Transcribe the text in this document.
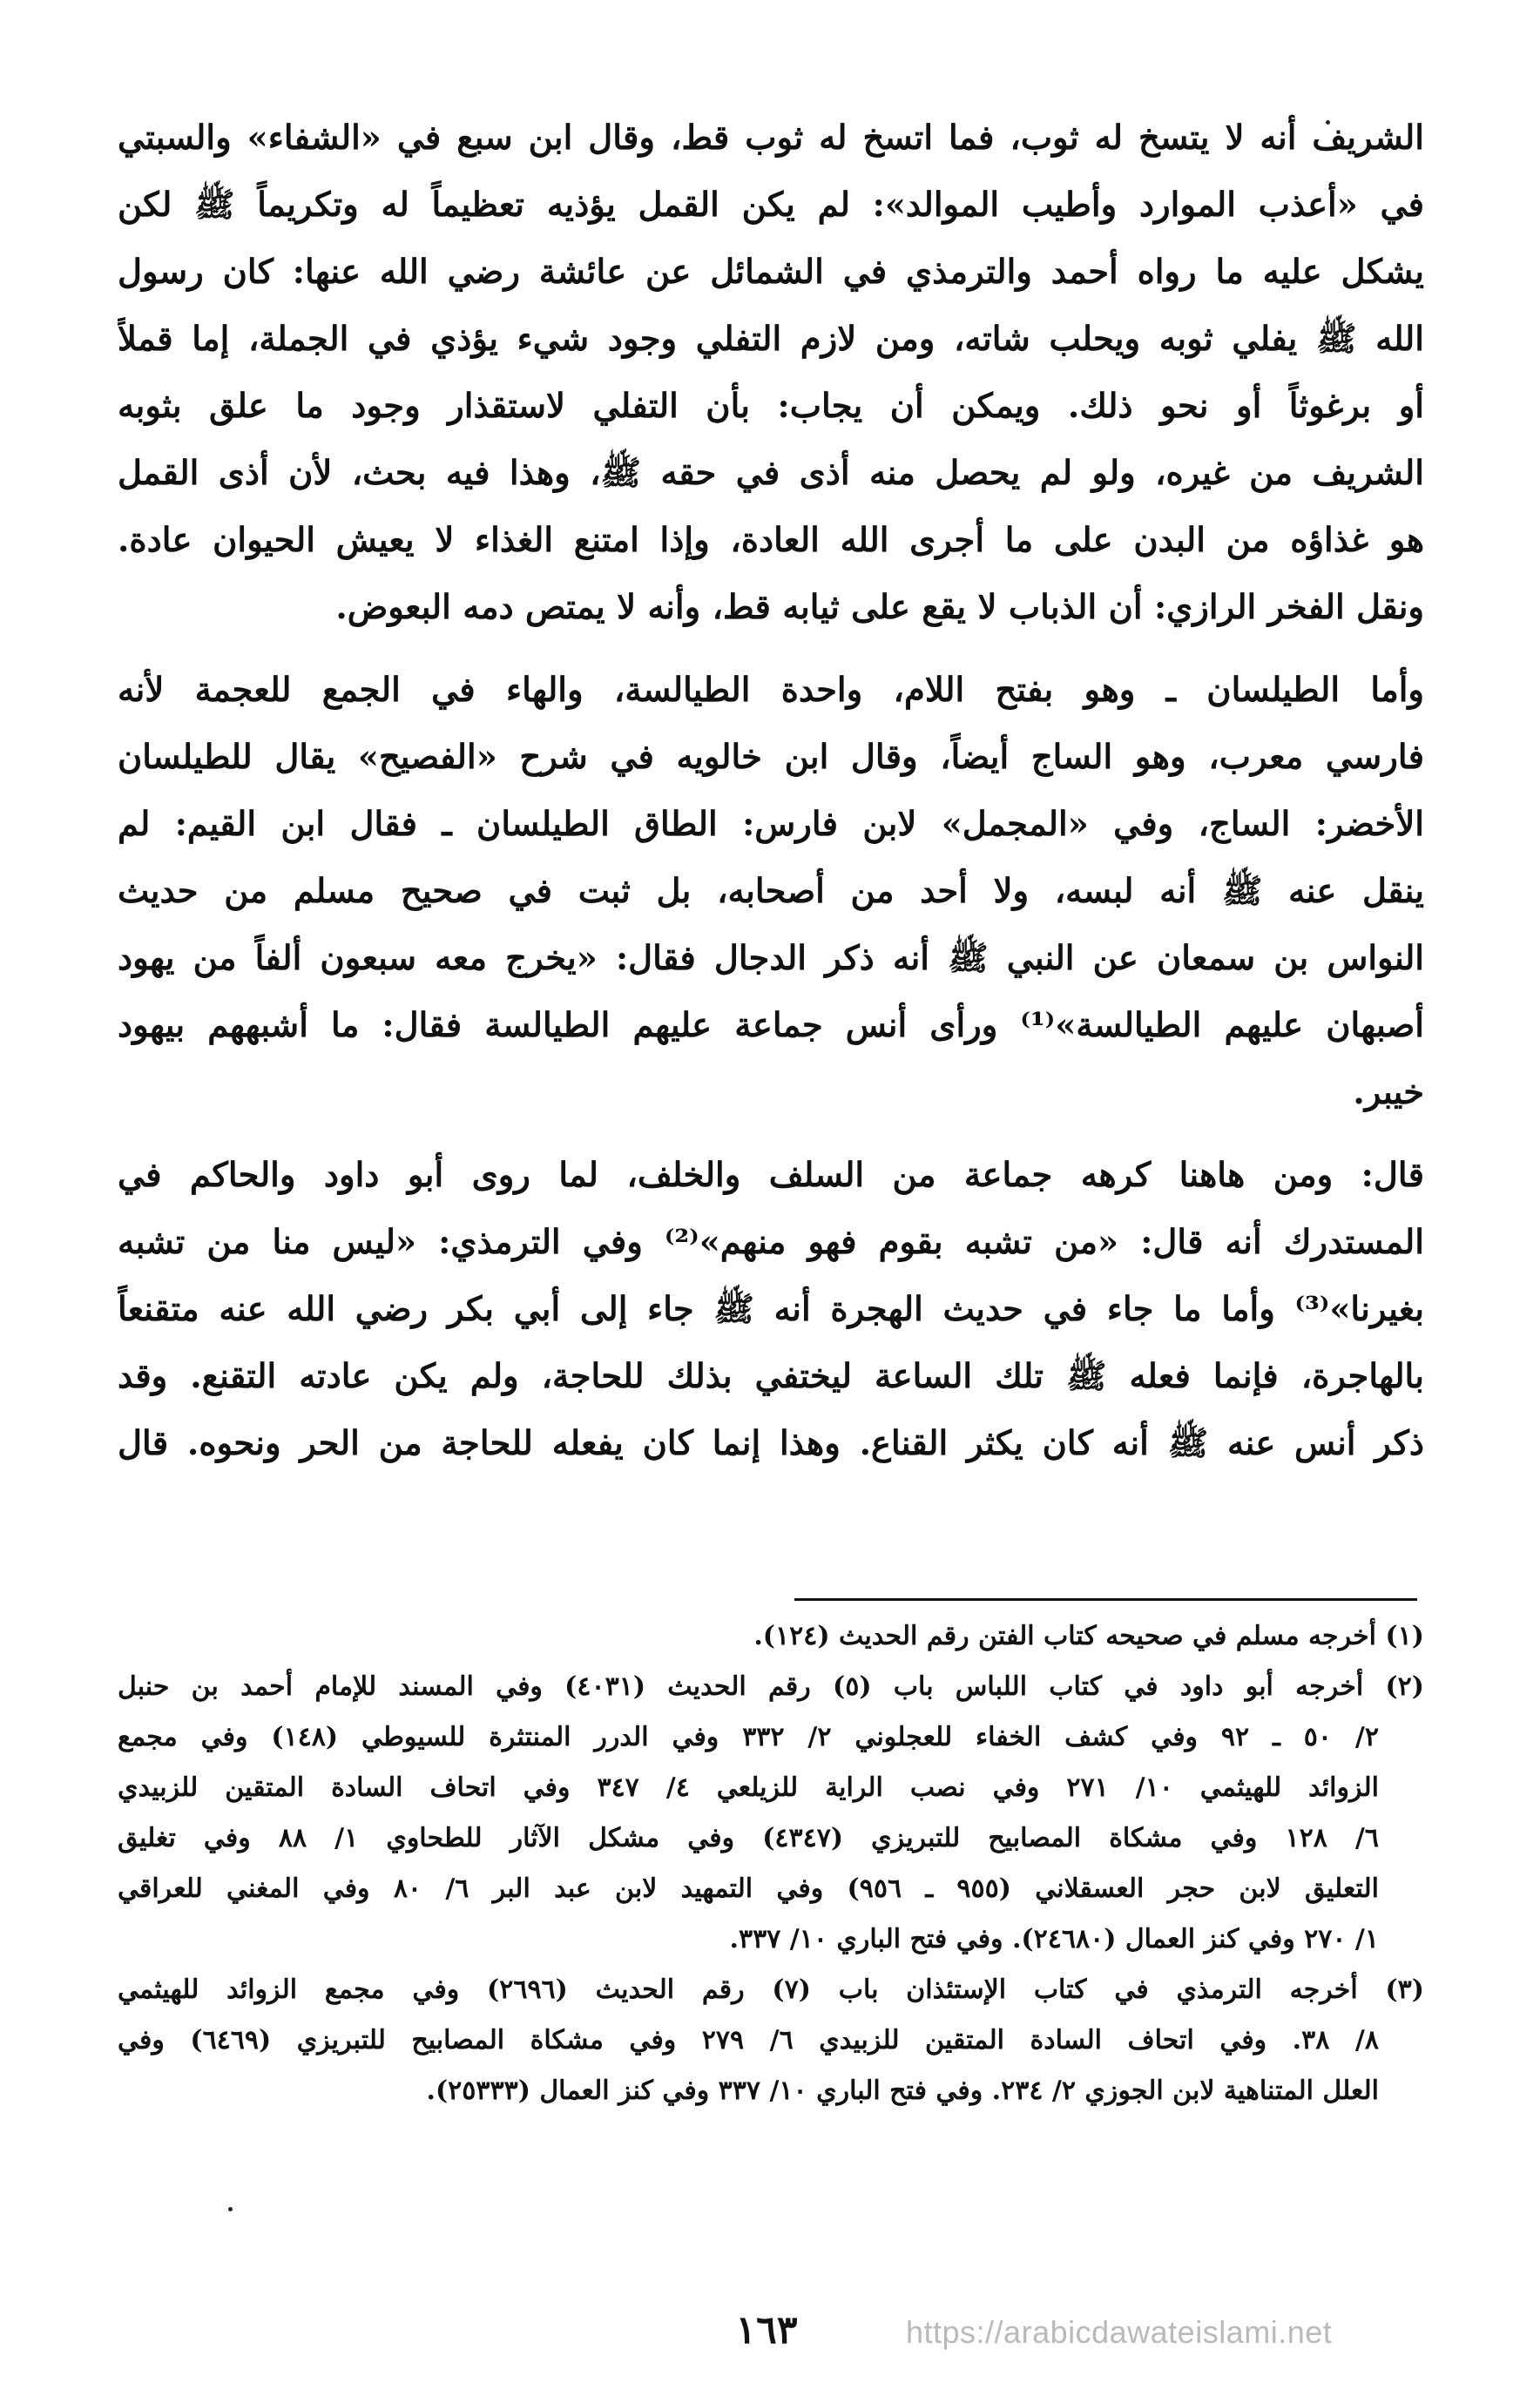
الشريف أنه لا يتسخ له ثوب، فما اتسخ له ثوب قط، وقال ابن سبع في «الشفاء» والسبتي
في «أعذب الموارد وأطيب الموالد»: لم يكن القمل يؤذيه تعظيماً له وتكريماً ﷺ لكن
يشكل عليه ما رواه أحمد والترمذي في الشمائل عن عائشة رضي الله عنها: كان رسول
الله ﷺ يفلي ثوبه ويحلب شاته، ومن لازم التفلي وجود شيء يؤذي في الجملة، إما قملاً
أو برغوثاً أو نحو ذلك. ويمكن أن يجاب: بأن التفلي لاستقذار وجود ما علق بثوبه
الشريف من غيره، ولو لم يحصل منه أذى في حقه ﷺ، وهذا فيه بحث، لأن أذى القمل
هو غذاؤه من البدن على ما أجرى الله العادة، وإذا امتنع الغذاء لا يعيش الحيوان عادة.
ونقل الفخر الرازي: أن الذباب لا يقع على ثيابه قط، وأنه لا يمتص دمه البعوض.
وأما الطيلسان ـ وهو بفتح اللام، واحدة الطيالسة، والهاء في الجمع للعجمة لأنه
فارسي معرب، وهو الساج أيضاً، وقال ابن خالويه في شرح «الفصيح» يقال للطيلسان
الأخضر: الساج، وفي «المجمل» لابن فارس: الطاق الطيلسان ـ فقال ابن القيم: لم
ينقل عنه ﷺ أنه لبسه، ولا أحد من أصحابه، بل ثبت في صحيح مسلم من حديث
النواس بن سمعان عن النبي ﷺ أنه ذكر الدجال فقال: «يخرج معه سبعون ألفاً من يهود
أصبهان عليهم الطيالسة»⁽¹⁾ ورأى أنس جماعة عليهم الطيالسة فقال: ما أشبههم بيهود
خيبر.
قال: ومن هاهنا كرهه جماعة من السلف والخلف، لما روى أبو داود والحاكم في
المستدرك أنه قال: «من تشبه بقوم فهو منهم»⁽²⁾ وفي الترمذي: «ليس منا من تشبه
بغيرنا»⁽³⁾ وأما ما جاء في حديث الهجرة أنه ﷺ جاء إلى أبي بكر رضي الله عنه متقنعاً
بالهاجرة، فإنما فعله ﷺ تلك الساعة ليختفي بذلك للحاجة، ولم يكن عادته التقنع. وقد
ذكر أنس عنه ﷺ أنه كان يكثر القناع. وهذا إنما كان يفعله للحاجة من الحر ونحوه. قال
(١) أخرجه مسلم في صحيحه كتاب الفتن رقم الحديث (١٢٤).
(٢) أخرجه أبو داود في كتاب اللباس باب (٥) رقم الحديث (٤٠٣١) وفي المسند للإمام أحمد بن حنبل
٢/ ٥٠ ـ ٩٢ وفي كشف الخفاء للعجلوني ٢/ ٣٣٢ وفي الدرر المنتثرة للسيوطي (١٤٨) وفي مجمع
الزوائد للهيثمي ١٠/ ٢٧١ وفي نصب الراية للزيلعي ٤/ ٣٤٧ وفي اتحاف السادة المتقين للزبيدي
٦/ ١٢٨ وفي مشكاة المصابيح للتبريزي (٤٣٤٧) وفي مشكل الآثار للطحاوي ١/ ٨٨ وفي تغليق
التعليق لابن حجر العسقلاني (٩٥٥ ـ ٩٥٦) وفي التمهيد لابن عبد البر ٦/ ٨٠ وفي المغني للعراقي
١/ ٢٧٠ وفي كنز العمال (٢٤٦٨٠). وفي فتح الباري ١٠/ ٣٣٧.
(٣) أخرجه الترمذي في كتاب الإستئذان باب (٧) رقم الحديث (٢٦٩٦) وفي مجمع الزوائد للهيثمي
٨/ ٣٨. وفي اتحاف السادة المتقين للزبيدي ٦/ ٢٧٩ وفي مشكاة المصابيح للتبريزي (٦٤٦٩) وفي
العلل المتناهية لابن الجوزي ٢/ ٢٣٤. وفي فتح الباري ١٠/ ٣٣٧ وفي كنز العمال (٢٥٣٣٣).
١٦٣	https://arabicdawateislami.net
